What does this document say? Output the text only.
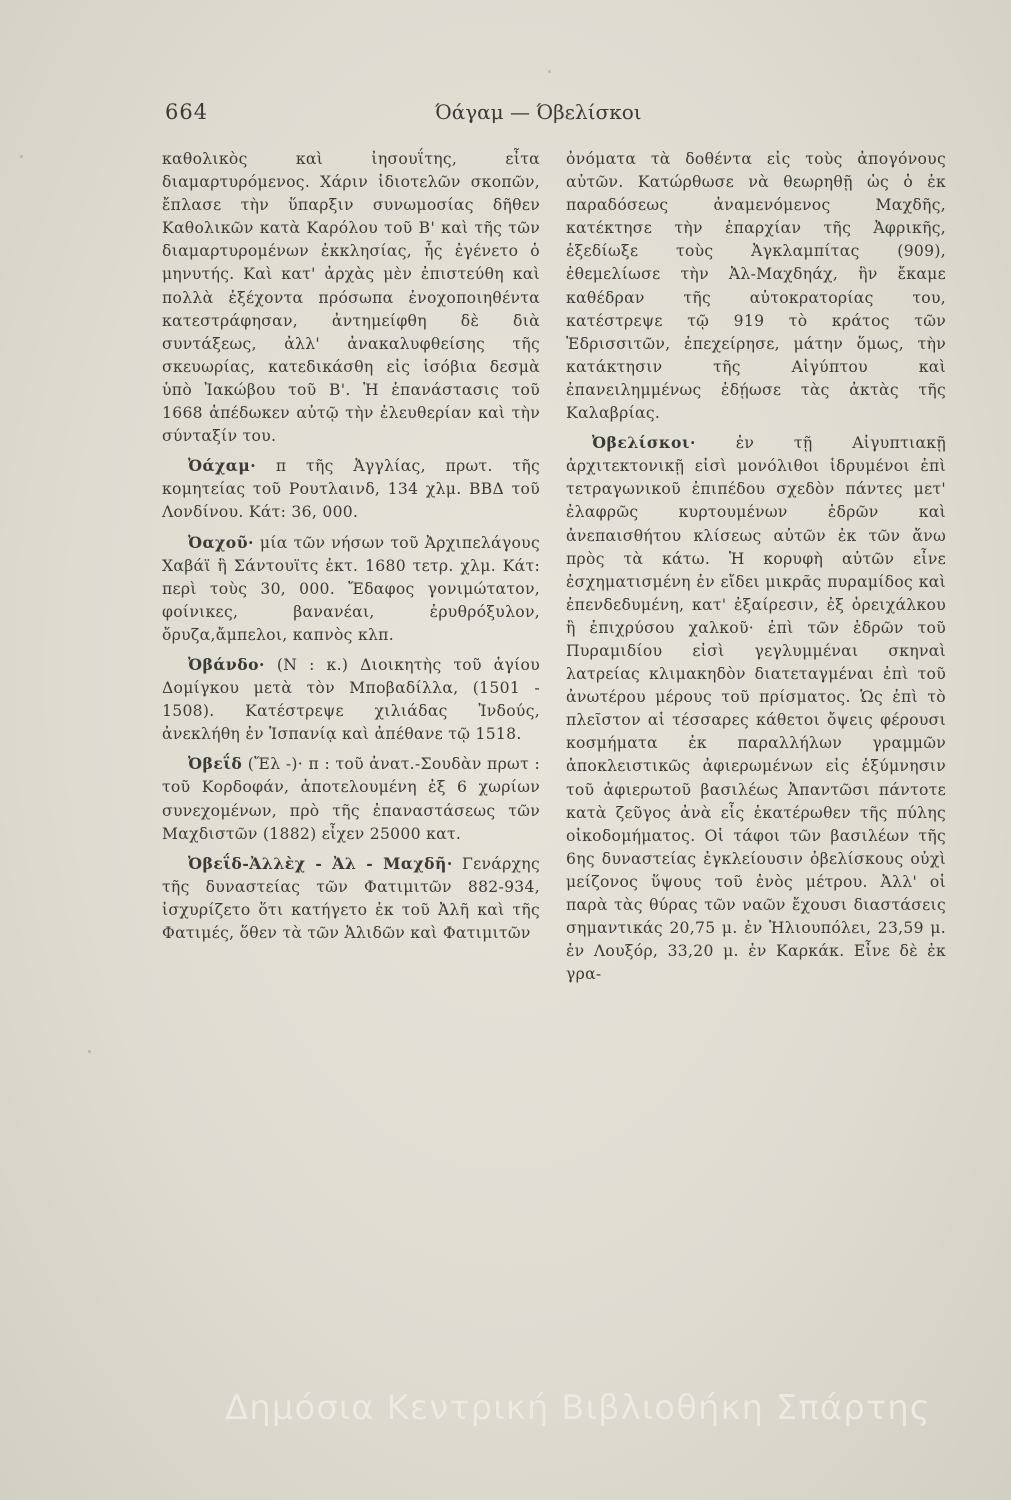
664	Όάγαμ — Όβελίσκοι

καθολικὸς καὶ ἰησουΐτης, εἶτα διαμαρτυρόμενος. Χάριν ἰδιοτελῶν σκοπῶν, ἔπλασε τὴν ὕπαρξιν συνωμοσίας δῆθεν Καθολικῶν κατὰ Καρόλου τοῦ Β' καὶ τῆς τῶν διαμαρτυρομένων ἐκκλησίας, ἧς ἐγένετο ὁ μηνυτής. Καὶ κατ' ἀρχὰς μὲν ἐπιστεύθη καὶ πολλὰ ἐξέχοντα πρόσωπα ἐνοχοποιηθέντα κατεστράφησαν, ἀντημείφθη δὲ διὰ συντάξεως, ἀλλ' ἀνακαλυφθείσης τῆς σκευωρίας, κατεδικάσθη εἰς ἰσόβια δεσμὰ ὑπὸ Ἰακώβου τοῦ Β'. Ἡ ἐπανάστασις τοῦ 1668 ἀπέδωκεν αὐτῷ τὴν ἐλευθερίαν καὶ τὴν σύνταξίν του.

Ὀάχαμ· π τῆς Ἀγγλίας, πρωτ. τῆς κομητείας τοῦ Ρουτλαινδ, 134 χλμ. ΒΒΔ τοῦ Λονδίνου. Κάτ: 36, 000.

Ὀαχοῦ· μία τῶν νήσων τοῦ Ἀρχιπελάγους Χαβάϊ ἢ Σάντουϊτς ἐκτ. 1680 τετρ. χλμ. Κάτ: περὶ τοὺς 30, 000. Ἔδαφος γονιμώτατον, φοίνικες, βανανέαι, ἐρυθρόξυλον, ὄρυζα,ἄμπελοι, καπνὸς κλπ.

Ὀβάνδο· (Ν : κ.) Διοικητὴς τοῦ ἁγίου Δομίγκου μετὰ τὸν Μποβαδίλλα, (1501 - 1508). Κατέστρεψε χιλιάδας Ἰνδούς, ἀνεκλήθη ἐν Ἱσπανίᾳ καὶ ἀπέθανε τῷ 1518.

Ὀβεΐδ (Ἔλ -)· π : τοῦ ἀνατ.-Σουδὰν πρωτ : τοῦ Κορδοφάν, ἀποτελουμένη ἐξ 6 χωρίων συνεχομένων, πρὸ τῆς ἐπαναστάσεως τῶν Μαχδιστῶν (1882) εἶχεν 25000 κατ.

Ὀβεΐδ-Ἀλλὲχ - Ἀλ - Μαχδῆ· Γενάρχης τῆς δυναστείας τῶν Φατιμιτῶν 882-934, ἰσχυρίζετο ὅτι κατήγετο ἐκ τοῦ Ἀλῆ καὶ τῆς Φατιμές, ὅθεν τὰ τῶν Ἀλιδῶν καὶ Φατιμιτῶν

ὀνόματα τὰ δοθέντα εἰς τοὺς ἀπογόνους αὐτῶν. Κατώρθωσε νὰ θεωρηθῇ ὡς ὁ ἐκ παραδόσεως ἀναμενόμενος Μαχδῆς, κατέκτησε τὴν ἐπαρχίαν τῆς Ἀφρικῆς, ἐξεδίωξε τοὺς Ἀγκλαμπίτας (909), ἐθεμελίωσε τὴν Ἀλ-Μαχδηάχ, ἣν ἔκαμε καθέδραν τῆς αὐτοκρατορίας του, κατέστρεψε τῷ 919 τὸ κράτος τῶν Ἐδρισσιτῶν, ἐπεχείρησε, μάτην ὅμως, τὴν κατάκτησιν τῆς Αἰγύπτου καὶ ἐπανειλημμένως ἐδῄωσε τὰς ἀκτὰς τῆς Καλαβρίας.

Ὀβελίσκοι·	ἐν τῇ Αἰγυπτιακῇ ἀρχιτεκτονικῇ εἰσὶ μονόλιθοι ἱδρυμένοι ἐπὶ τετραγωνικοῦ ἐπιπέδου σχεδὸν πάντες μετ' ἐλαφρῶς κυρτουμένων ἑδρῶν καὶ ἀνεπαισθήτου κλίσεως αὐτῶν ἐκ τῶν ἄνω πρὸς τὰ κάτω. Ἡ κορυφὴ αὐτῶν εἶνε ἐσχηματισμένη ἐν εἴδει μικρᾶς πυραμίδος καὶ ἐπενδεδυμένη, κατ' ἐξαίρεσιν, ἐξ ὀρειχάλκου ἢ ἐπιχρύσου χαλκοῦ· ἐπὶ τῶν ἑδρῶν τοῦ Πυραμιδίου εἰσὶ γεγλυμμέναι σκηναὶ λατρείας κλιμακηδὸν διατεταγμέναι ἐπὶ τοῦ ἀνωτέρου μέρους τοῦ πρίσματος. Ὡς ἐπὶ τὸ πλεῖστον αἱ τέσσαρες κάθετοι ὄψεις φέρουσι κοσμήματα ἐκ παραλλήλων γραμμῶν ἀποκλειστικῶς ἀφιερωμένων εἰς ἐξύμνησιν τοῦ ἀφιερωτοῦ βασιλέως Ἀπαντῶσι πάντοτε κατὰ ζεῦγος ἀνὰ εἷς ἑκατέρωθεν τῆς πύλης οἰκοδομήματος. Οἱ τάφοι τῶν βασιλέων τῆς 6ης δυναστείας ἐγκλείουσιν ὀβελίσκους οὐχὶ μείζονος ὕψους τοῦ ἑνὸς μέτρου. Ἀλλ' οἱ παρὰ τὰς θύρας τῶν ναῶν ἔχουσι διαστάσεις σημαντικάς 20,75 μ. ἐν Ἡλιουπόλει, 23,59 μ. ἐν Λουξόρ, 33,20 μ. ἐν Καρκάκ. Εἶνε δὲ ἐκ γρα-

Δημόσια Κεντρική Βιβλιοθήκη Σπάρτης
